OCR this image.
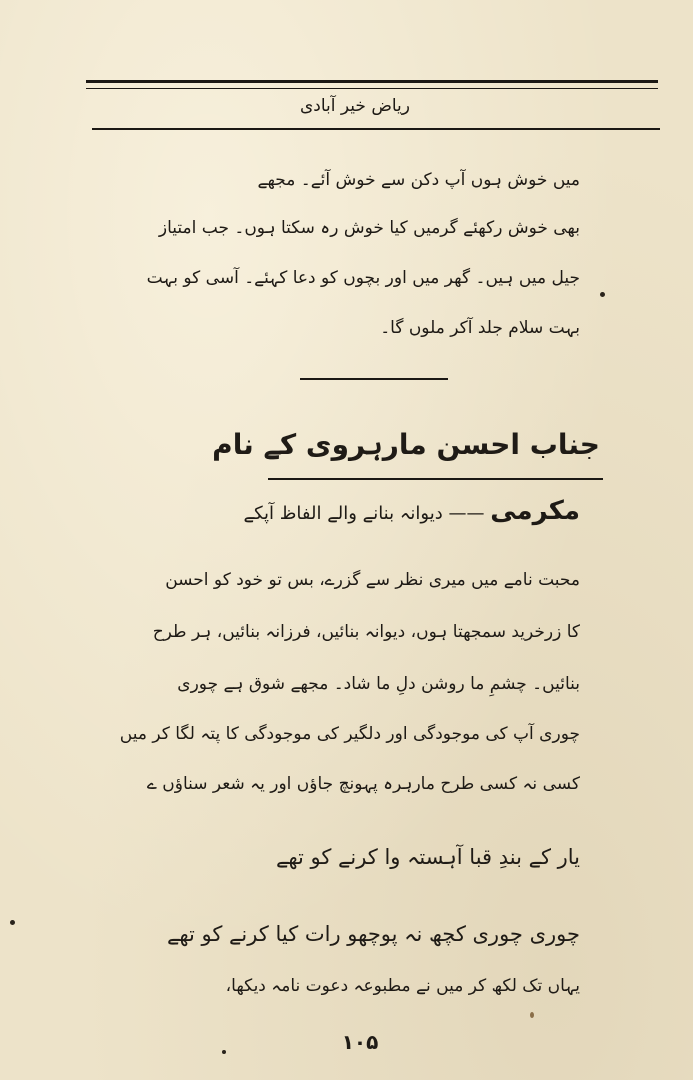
ریاض خیر آبادی
میں خوش ہوں آپ دکن سے خوش آئے۔ مجھے
بھی خوش رکھئے گرمیں کیا خوش رہ سکتا ہوں۔ جب امتیاز
جیل میں ہیں۔ گھر میں اور بچوں کو دعا کہئے۔ آسی کو بہت
بہت سلام جلد آکر ملوں گا۔
جناب احسن مارہروی کے نام
مکرمی —— دیوانہ بنانے والے الفاظ آپکے
محبت نامے میں میری نظر سے گزرے، بس تو خود کو احسن
کا زرخرید سمجھتا ہوں، دیوانہ بنائیں، فرزانہ بنائیں، ہر طرح
بنائیں۔ چشمِ ما روشن دلِ ما شاد۔ مجھے شوق ہے چوری
چوری آپ کی موجودگی اور دلگیر کی موجودگی کا پتہ لگا کر میں
کسی نہ کسی طرح مارہرہ پہونچ جاؤں اور یہ شعر سناؤں ے
یار کے بندِ قبا آہستہ وا کرنے کو تھے
چوری چوری کچھ نہ پوچھو رات کیا کرنے کو تھے
یہاں تک لکھ کر میں نے مطبوعہ دعوت نامہ دیکھا،
۱۰۵
